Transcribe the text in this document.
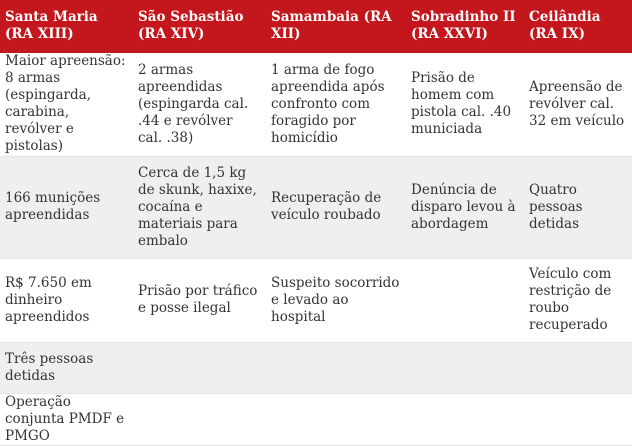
Santa Maria (RA XIII)	São Sebastião (RA XIV)	Samambaia (RA XII)	Sobradinho II (RA XXVI)	Ceilândia (RA IX)
Maior apreensão: 8 armas (espingarda, carabina, revólver e pistolas)	2 armas apreendidas (espingarda cal. .44 e revólver cal. .38)	1 arma de fogo apreendida após confronto com foragido por homicídio	Prisão de homem com pistola cal. .40 municiada	Apreensão de revólver cal. 32 em veículo
166 munições apreendidas	Cerca de 1,5 kg de skunk, haxixe, cocaína e materiais para embalo	Recuperação de veículo roubado	Denúncia de disparo levou à abordagem	Quatro pessoas detidas
R$ 7.650 em dinheiro apreendidos	Prisão por tráfico e posse ilegal	Suspeito socorrido e levado ao hospital		Veículo com restrição de roubo recuperado
Três pessoas detidas				
Operação conjunta PMDF e PMGO				
